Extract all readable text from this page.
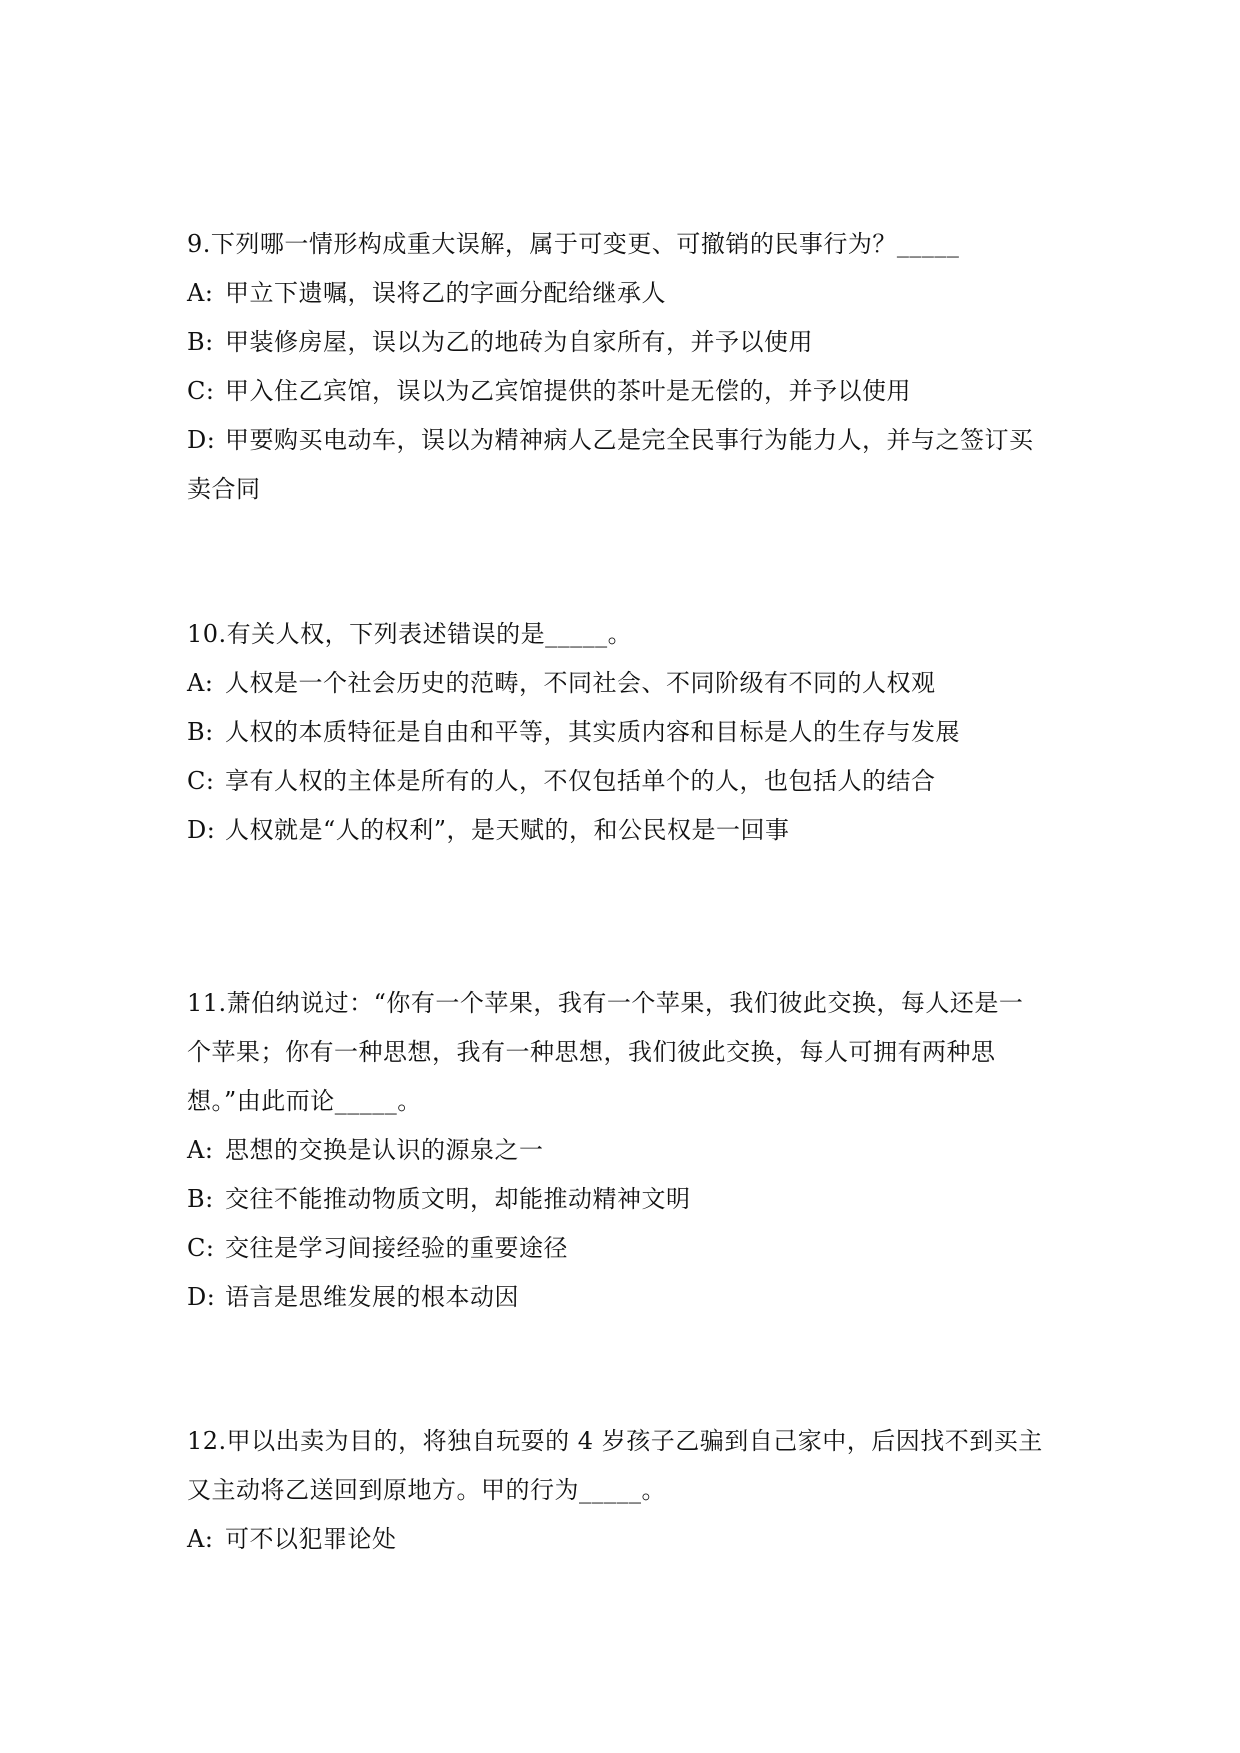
9.下列哪一情形构成重大误解，属于可变更、可撤销的民事行为？_____
A: 甲立下遗嘱，误将乙的字画分配给继承人
B: 甲装修房屋，误以为乙的地砖为自家所有，并予以使用
C: 甲入住乙宾馆，误以为乙宾馆提供的茶叶是无偿的，并予以使用
D: 甲要购买电动车，误以为精神病人乙是完全民事行为能力人，并与之签订买
卖合同
10.有关人权，下列表述错误的是_____。
A: 人权是一个社会历史的范畴，不同社会、不同阶级有不同的人权观
B: 人权的本质特征是自由和平等，其实质内容和目标是人的生存与发展
C: 享有人权的主体是所有的人，不仅包括单个的人，也包括人的结合
D: 人权就是“人的权利”，是天赋的，和公民权是一回事
11.萧伯纳说过：“你有一个苹果，我有一个苹果，我们彼此交换，每人还是一
个苹果；你有一种思想，我有一种思想，我们彼此交换，每人可拥有两种思
想。”由此而论_____。
A: 思想的交换是认识的源泉之一
B: 交往不能推动物质文明，却能推动精神文明
C: 交往是学习间接经验的重要途径
D: 语言是思维发展的根本动因
12.甲以出卖为目的，将独自玩耍的 4 岁孩子乙骗到自己家中，后因找不到买主
又主动将乙送回到原地方。甲的行为_____。
A: 可不以犯罪论处
